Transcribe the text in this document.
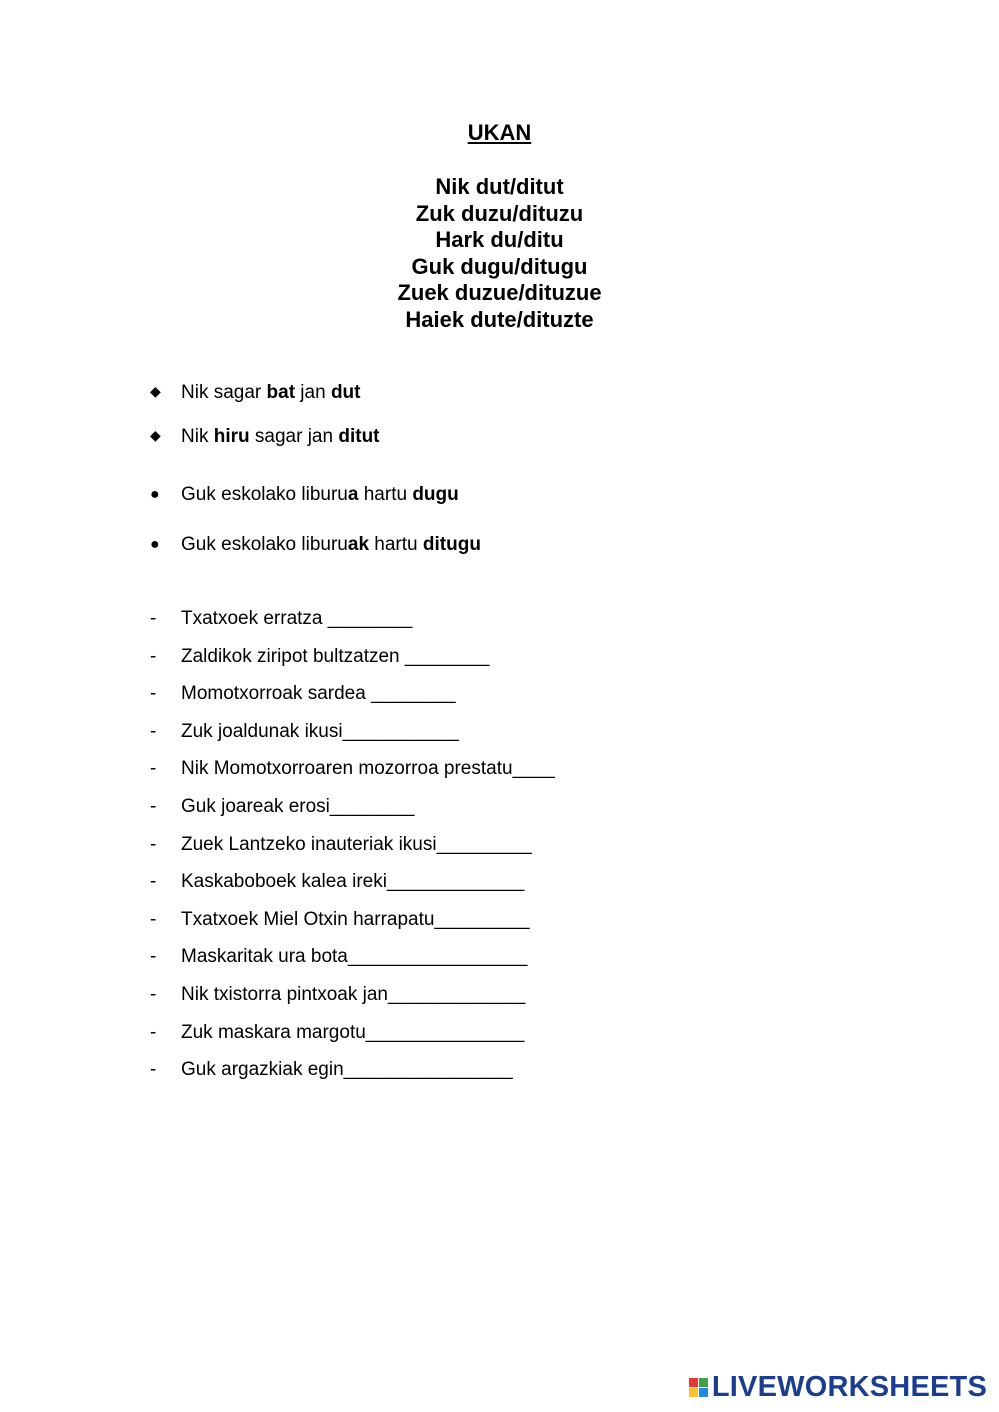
UKAN
Nik dut/ditut
Zuk duzu/dituzu
Hark du/ditu
Guk dugu/ditugu
Zuek duzue/dituzue
Haiek dute/dituzte
◆ Nik sagar bat jan dut
◆ Nik hiru sagar jan ditut
● Guk eskolako liburua hartu dugu
● Guk eskolako liburuak hartu ditugu
- Txatxoek erratza ________
- Zaldikok ziripot bultzatzen ________
- Momotxorroak sardea ________
- Zuk joaldunak ikusi___________
- Nik Momotxorroaren mozorroa prestatu____
- Guk joareak erosi________
- Zuek Lantzeko inauteriak ikusi_________
- Kaskaboboek kalea ireki_____________
- Txatxoek Miel Otxin harrapatu_________
- Maskaritak ura bota_________________
- Nik txistorra pintxoak jan_____________
- Zuk maskara margotu_______________
- Guk argazkiak egin________________
LIVEWORKSHEETS
